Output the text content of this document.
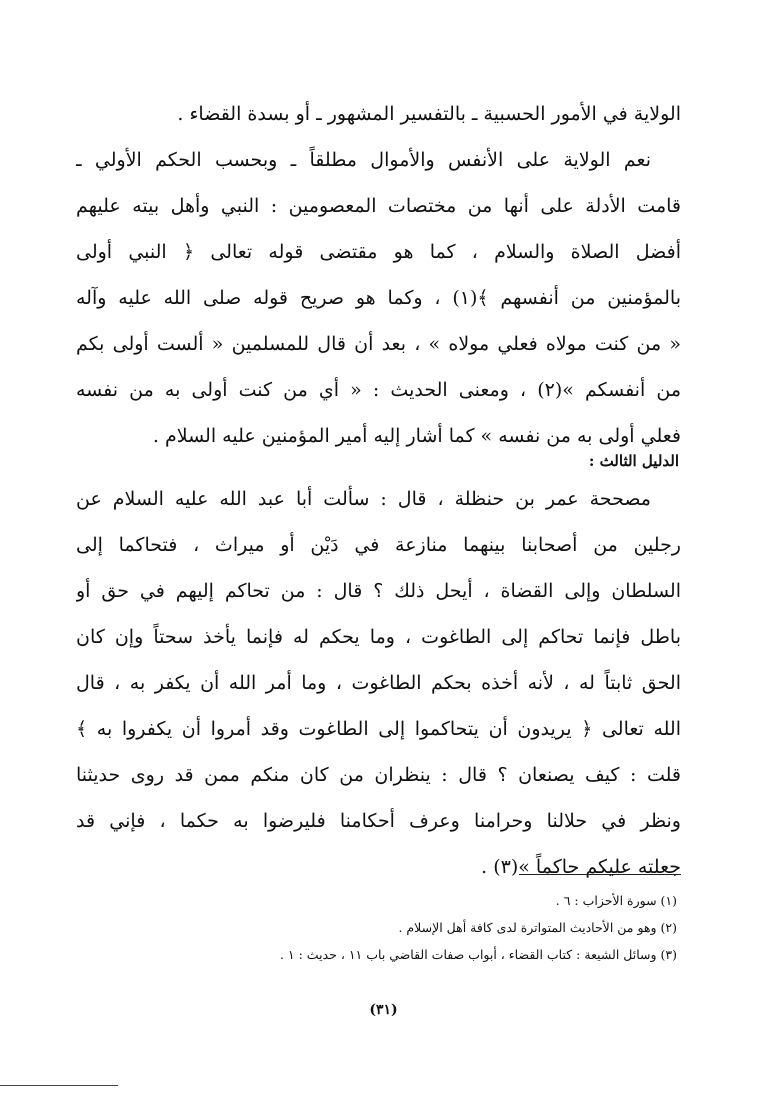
الولاية في الأمور الحسبية ـ بالتفسير المشهور ـ أو بسدة القضاء .
نعم الولاية على الأنفس والأموال مطلقاً ـ وبحسب الحكم الأولي ـ
قامت الأدلة على أنها من مختصات المعصومين : النبي وأهل بيته عليهم
أفضل الصلاة والسلام ، كما هو مقتضى قوله تعالى ﴿ النبي أولى
بالمؤمنين من أنفسهم ﴾(١) ، وكما هو صريح قوله صلى الله عليه وآله
« من كنت مولاه فعلي مولاه » ، بعد أن قال للمسلمين « ألست أولى بكم
من أنفسكم »(٢) ، ومعنى الحديث : « أي من كنت أولى به من نفسه
فعلي أولى به من نفسه » كما أشار إليه أمير المؤمنين عليه السلام .
الدليل الثالث :
مصححة عمر بن حنظلة ، قال : سألت أبا عبد الله عليه السلام عن
رجلين من أصحابنا بينهما منازعة في دَيْن أو ميراث ، فتحاكما إلى
السلطان وإلى القضاة ، أيحل ذلك ؟ قال : من تحاكم إليهم في حق أو
باطل فإنما تحاكم إلى الطاغوت ، وما يحكم له فإنما يأخذ سحتاً وإن كان
الحق ثابتاً له ، لأنه أخذه بحكم الطاغوت ، وما أمر الله أن يكفر به ، قال
الله تعالى ﴿ يريدون أن يتحاكموا إلى الطاغوت وقد أمروا أن يكفروا به ﴾
قلت : كيف يصنعان ؟ قال : ينظران من كان منكم ممن قد روى حديثنا
ونظر في حلالنا وحرامنا وعرف أحكامنا فليرضوا به حكما ، فإني قد
جعلته عليكم حاكماً »(٣) .
(١) سورة الأحزاب : ٦ .
(٢) وهو من الأحاديث المتواترة لدى كافة أهل الإسلام .
(٣) وسائل الشيعة : كتاب القضاء ، أبواب صفات القاضي باب ١١ ، حديث : ١ .
(٣١)
